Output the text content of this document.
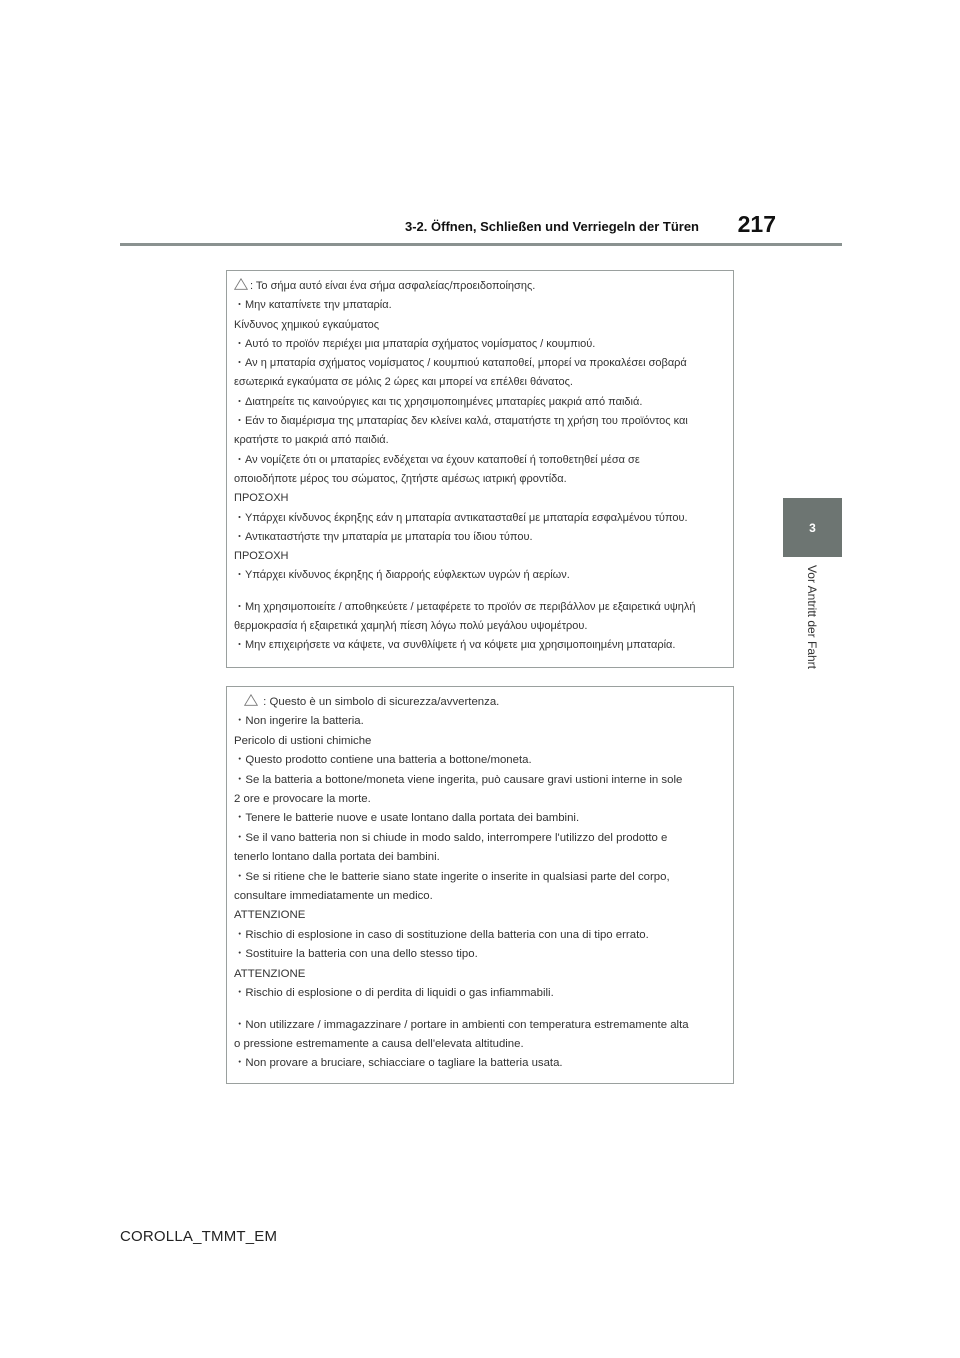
3-2. Öffnen, Schließen und Verriegeln der Türen	217
3
Vor Antritt der Fahrt
: Το σήμα αυτό είναι ένα σήμα ασφαλείας/προειδοποίησης.
・Μην καταπίνετε την μπαταρία.
Κίνδυνος χημικού εγκαύματος
・Αυτό το προϊόν περιέχει μια μπαταρία σχήματος νομίσματος / κουμπιού.
・Αν η μπαταρία σχήματος νομίσματος / κουμπιού καταποθεί, μπορεί να προκαλέσει σοβαρά
εσωτερικά εγκαύματα σε μόλις 2 ώρες και μπορεί να επέλθει θάνατος.
・Διατηρείτε τις καινούργιες και τις χρησιμοποιημένες μπαταρίες μακριά από παιδιά.
・Εάν το διαμέρισμα της μπαταρίας δεν κλείνει καλά, σταματήστε τη χρήση του προϊόντος και
κρατήστε το μακριά από παιδιά.
・Αν νομίζετε ότι οι μπαταρίες ενδέχεται να έχουν καταποθεί ή τοποθετηθεί μέσα σε
οποιοδήποτε μέρος του σώματος, ζητήστε αμέσως ιατρική φροντίδα.
ΠΡΟΣΟΧΗ
・Υπάρχει κίνδυνος έκρηξης εάν η μπαταρία αντικατασταθεί με μπαταρία εσφαλμένου τύπου.
・Αντικαταστήστε την μπαταρία με μπαταρία του ίδιου τύπου.
ΠΡΟΣΟΧΗ
・Υπάρχει κίνδυνος έκρηξης ή διαρροής εύφλεκτων υγρών ή αερίων.
・Μη χρησιμοποιείτε / αποθηκεύετε / μεταφέρετε το προϊόν σε περιβάλλον με εξαιρετικά υψηλή
θερμοκρασία ή εξαιρετικά χαμηλή πίεση λόγω πολύ μεγάλου υψομέτρου.
・Μην επιχειρήσετε να κάψετε, να συνθλίψετε ή να κόψετε μια χρησιμοποιημένη μπαταρία.
: Questo è un simbolo di sicurezza/avvertenza.
・Non ingerire la batteria.
Pericolo di ustioni chimiche
・Questo prodotto contiene una batteria a bottone/moneta.
・Se la batteria a bottone/moneta viene ingerita, può causare gravi ustioni interne in sole
2 ore e provocare la morte.
・Tenere le batterie nuove e usate lontano dalla portata dei bambini.
・Se il vano batteria non si chiude in modo saldo, interrompere l'utilizzo del prodotto e
tenerlo lontano dalla portata dei bambini.
・Se si ritiene che le batterie siano state ingerite o inserite in qualsiasi parte del corpo,
consultare immediatamente un medico.
ATTENZIONE
・Rischio di esplosione in caso di sostituzione della batteria con una di tipo errato.
・Sostituire la batteria con una dello stesso tipo.
ATTENZIONE
・Rischio di esplosione o di perdita di liquidi o gas infiammabili.
・Non utilizzare / immagazzinare / portare in ambienti con temperatura estremamente alta
o pressione estremamente a causa dell'elevata altitudine.
・Non provare a bruciare, schiacciare o tagliare la batteria usata.
COROLLA_TMMT_EM
